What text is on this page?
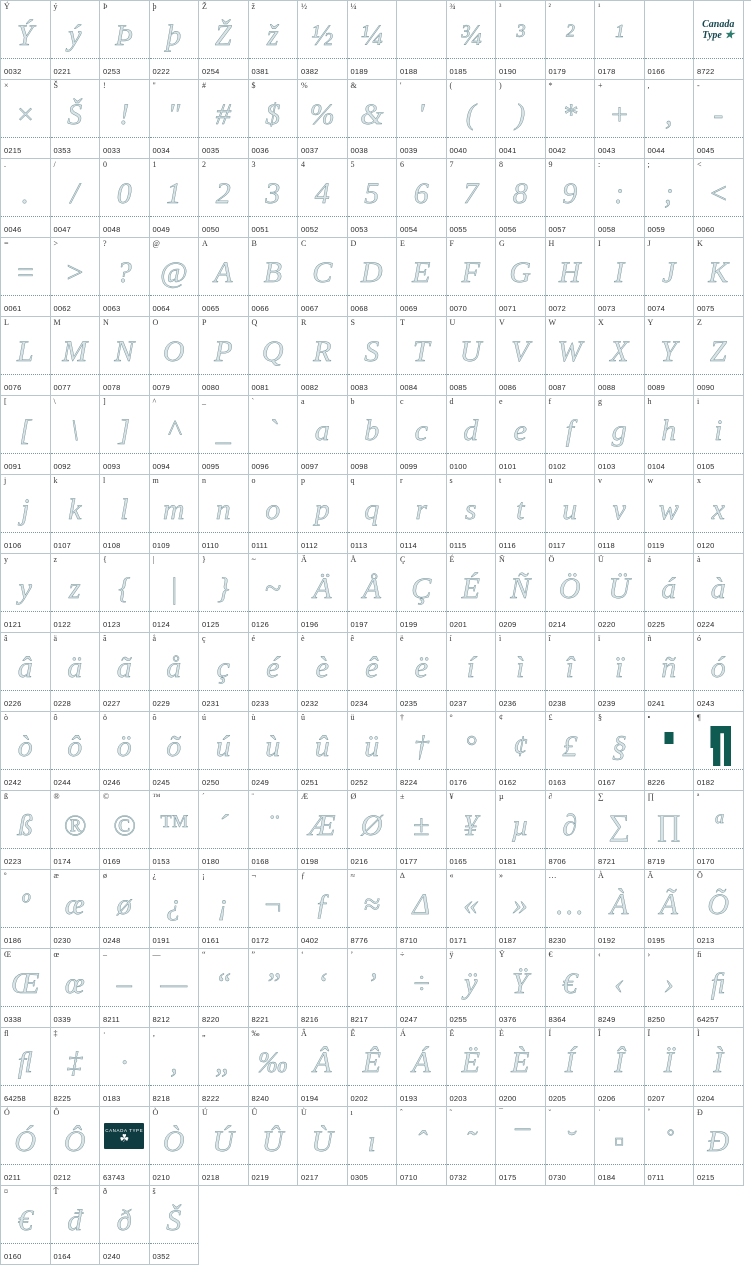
Ý
Ý
0032
ý
ý
0221
Þ
Þ
0253
þ
þ
0222
Ž
Ž
0254
ž
ž
0381
½
½
0382
¼
¼
0189	0188
¾
¾
0185
³
³
0190
²
²
0179
¹
¹
0178	0166
Canada
Type ★
8722
×
×
0215
Š
Š
0353
!
!
0033
"
"
0034
#
#
0035
$
$
0036
%
%
0037
&
&
0038
'
'
0039
(
(
0040
)
)
0041
*
*
0042
+
+
0043
,
,
0044
-
-
0045
.
.
0046
/
/
0047
0
0
0048
1
1
0049
2
2
0050
3
3
0051
4
4
0052
5
5
0053
6
6
0054
7
7
0055
8
8
0056
9
9
0057
:
:
0058
;
;
0059
<
<
0060
=
=
0061
>
>
0062
?
?
0063
@
@
0064
A
A
0065
B
B
0066
C
C
0067
D
D
0068
E
E
0069
F
F
0070
G
G
0071
H
H
0072
I
I
0073
J
J
0074
K
K
0075
L
L
0076
M
M
0077
N
N
0078
O
O
0079
P
P
0080
Q
Q
0081
R
R
0082
S
S
0083
T
T
0084
U
U
0085
V
V
0086
W
W
0087
X
X
0088
Y
Y
0089
Z
Z
0090
[
[
0091
\
\
0092
]
]
0093
^
^
0094
_
_
0095
`
`
0096
a
a
0097
b
b
0098
c
c
0099
d
d
0100
e
e
0101
f
f
0102
g
g
0103
h
h
0104
i
i
0105
j
j
0106
k
k
0107
l
l
0108
m
m
0109
n
n
0110
o
o
0111
p
p
0112
q
q
0113
r
r
0114
s
s
0115
t
t
0116
u
u
0117
v
v
0118
w
w
0119
x
x
0120
y
y
0121
z
z
0122
{
{
0123
|
|
0124
}
}
0125
~
~
0126
Ä
Ä
0196
Å
Å
0197
Ç
Ç
0199
É
É
0201
Ñ
Ñ
0209
Ö
Ö
0214
Ü
Ü
0220
á
á
0225
à
à
0224
â
â
0226
ä
ä
0228
ã
ã
0227
å
å
0229
ç
ç
0231
é
é
0233
è
è
0232
ê
ê
0234
ë
ë
0235
í
í
0237
ì
ì
0236
î
î
0238
ï
ï
0239
ñ
ñ
0241
ó
ó
0243
ò
ò
0242
ô
ô
0244
ö
ö
0246
õ
õ
0245
ú
ú
0250
ù
ù
0249
û
û
0251
ü
ü
0252
†
†
8224
°
°
0176
¢
¢
0162
£
£
0163
§
§
0167
•
8226
¶
0182
ß
ß
0223
®
®
0174
©
©
0169
™
™
0153
´
´
0180
¨
¨
0168
Æ
Æ
0198
Ø
Ø
0216
±
±
0177
¥
¥
0165
µ
µ
0181
∂
∂
8706
∑
∑
8721
∏
∏
8719
ª
ª
0170
º
º
0186
æ
æ
0230
ø
ø
0248
¿
¿
0191
¡
¡
0161
¬
¬
0172
ƒ
ƒ
0402
≈
≈
8776
∆
Δ
8710
«
«
0171
»
»
0187
…
…
8230
À
À
0192
Ã
Ã
0195
Õ
Õ
0213
Œ
Œ
0338
œ
œ
0339
–
–
8211
—
—
8212
“
“
8220
”
”
8221
‘
‘
8216
’
’
8217
÷
÷
0247
ÿ
ÿ
0255
Ÿ
Ÿ
0376
€
€
8364
‹
‹
8249
›
›
8250
ﬁ
ﬁ
64257
ﬂ
ﬂ
64258
‡
‡
8225
·
·
0183
‚
‚
8218
„
„
8222
‰
‰
8240
Â
Â
0194
Ê
Ê
0202
Á
Á
0193
Ë
Ë
0203
È
È
0200
Í
Í
0205
Î
Î
0206
Ï
Ï
0207
Ì
Ì
0204
Ó
Ó
0211
Ô
Ô
0212
CANADA TYPE
☘
63743
Ò
Ò
0210
Ú
Ú
0218
Û
Û
0219
Ù
Ù
0217
ı
ı
0305
ˆ
ˆ
0710
˜
˜
0732
¯
¯
0175
˘
˘
0730
˙
▫
0184
˚
˚
0711
Ð
Ð
0215
¤
€
0160
Ť
đ
0164
ð
ð
0240
š
Š
0352
